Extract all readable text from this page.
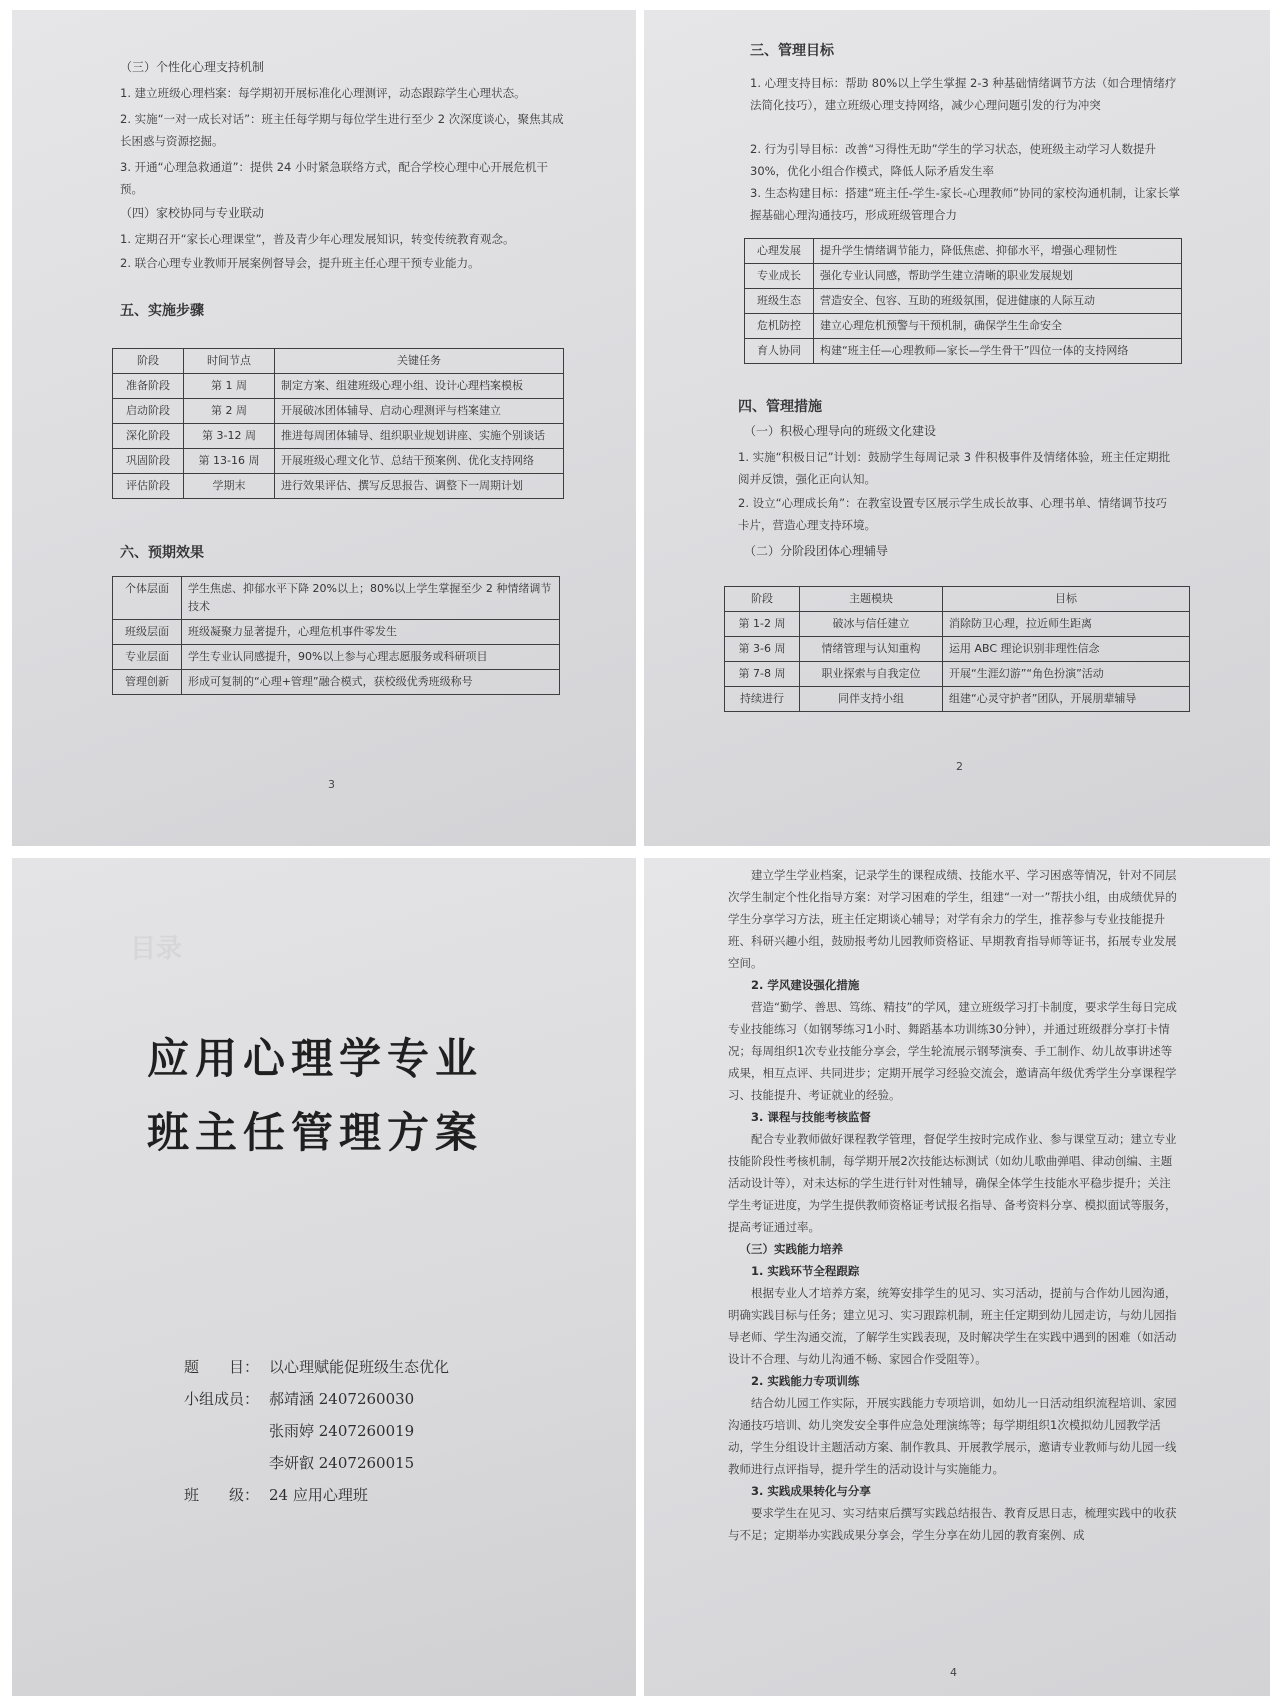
（三）个性化心理支持机制
1. 建立班级心理档案：每学期初开展标准化心理测评，动态跟踪学生心理状态。
2. 实施“一对一成长对话”：班主任每学期与每位学生进行至少 2 次深度谈心，聚焦其成长困惑与资源挖掘。
3. 开通“心理急救通道”：提供 24 小时紧急联络方式，配合学校心理中心开展危机干预。
（四）家校协同与专业联动
1. 定期召开“家长心理课堂”，普及青少年心理发展知识，转变传统教育观念。
2. 联合心理专业教师开展案例督导会，提升班主任心理干预专业能力。
五、实施步骤
阶段	时间节点	关键任务
准备阶段	第 1 周	制定方案、组建班级心理小组、设计心理档案模板
启动阶段	第 2 周	开展破冰团体辅导、启动心理测评与档案建立
深化阶段	第 3-12 周	推进每周团体辅导、组织职业规划讲座、实施个别谈话
巩固阶段	第 13-16 周	开展班级心理文化节、总结干预案例、优化支持网络
评估阶段	学期末	进行效果评估、撰写反思报告、调整下一周期计划
六、预期效果
个体层面	学生焦虑、抑郁水平下降 20%以上；80%以上学生掌握至少 2 种情绪调节技术
班级层面	班级凝聚力显著提升，心理危机事件零发生
专业层面	学生专业认同感提升，90%以上参与心理志愿服务或科研项目
管理创新	形成可复制的“心理+管理”融合模式，获校级优秀班级称号
3
三、管理目标
1. 心理支持目标：帮助 80%以上学生掌握 2-3 种基础情绪调节方法（如合理情绪疗法简化技巧），建立班级心理支持网络，减少心理问题引发的行为冲突
2. 行为引导目标：改善“习得性无助”学生的学习状态，使班级主动学习人数提升 30%，优化小组合作模式，降低人际矛盾发生率
3. 生态构建目标：搭建“班主任-学生-家长-心理教师”协同的家校沟通机制，让家长掌握基础心理沟通技巧，形成班级管理合力
心理发展	提升学生情绪调节能力，降低焦虑、抑郁水平，增强心理韧性
专业成长	强化专业认同感，帮助学生建立清晰的职业发展规划
班级生态	营造安全、包容、互助的班级氛围，促进健康的人际互动
危机防控	建立心理危机预警与干预机制，确保学生生命安全
育人协同	构建“班主任—心理教师—家长—学生骨干”四位一体的支持网络
四、管理措施
（一）积极心理导向的班级文化建设
1. 实施“积极日记”计划：鼓励学生每周记录 3 件积极事件及情绪体验，班主任定期批阅并反馈，强化正向认知。
2. 设立“心理成长角”：在教室设置专区展示学生成长故事、心理书单、情绪调节技巧卡片，营造心理支持环境。
（二）分阶段团体心理辅导
阶段	主题模块	目标
第 1-2 周	破冰与信任建立	消除防卫心理，拉近师生距离
第 3-6 周	情绪管理与认知重构	运用 ABC 理论识别非理性信念
第 7-8 周	职业探索与自我定位	开展“生涯幻游”“角色扮演”活动
持续进行	同伴支持小组	组建“心灵守护者”团队，开展朋辈辅导
2
目录
应用心理学专业
班主任管理方案
题　　目： 以心理赋能促班级生态优化
小组成员： 郝靖涵 2407260030
张雨婷 2407260019
李妍叡 2407260015
班　　级： 24 应用心理班
建立学生学业档案，记录学生的课程成绩、技能水平、学习困惑等情况，针对不同层次学生制定个性化指导方案：对学习困难的学生，组建“一对一”帮扶小组，由成绩优异的学生分享学习方法，班主任定期谈心辅导；对学有余力的学生，推荐参与专业技能提升班、科研兴趣小组，鼓励报考幼儿园教师资格证、早期教育指导师等证书，拓展专业发展空间。
2. 学风建设强化措施
营造“勤学、善思、笃练、精技”的学风，建立班级学习打卡制度，要求学生每日完成专业技能练习（如钢琴练习1小时、舞蹈基本功训练30分钟），并通过班级群分享打卡情况；每周组织1次专业技能分享会，学生轮流展示钢琴演奏、手工制作、幼儿故事讲述等成果，相互点评、共同进步；定期开展学习经验交流会，邀请高年级优秀学生分享课程学习、技能提升、考证就业的经验。
3. 课程与技能考核监督
配合专业教师做好课程教学管理，督促学生按时完成作业、参与课堂互动；建立专业技能阶段性考核机制，每学期开展2次技能达标测试（如幼儿歌曲弹唱、律动创编、主题活动设计等），对未达标的学生进行针对性辅导，确保全体学生技能水平稳步提升；关注学生考证进度，为学生提供教师资格证考试报名指导、备考资料分享、模拟面试等服务，提高考证通过率。
（三）实践能力培养
1. 实践环节全程跟踪
根据专业人才培养方案，统筹安排学生的见习、实习活动，提前与合作幼儿园沟通，明确实践目标与任务；建立见习、实习跟踪机制，班主任定期到幼儿园走访，与幼儿园指导老师、学生沟通交流，了解学生实践表现，及时解决学生在实践中遇到的困难（如活动设计不合理、与幼儿沟通不畅、家园合作受阻等）。
2. 实践能力专项训练
结合幼儿园工作实际，开展实践能力专项培训，如幼儿一日活动组织流程培训、家园沟通技巧培训、幼儿突发安全事件应急处理演练等；每学期组织1次模拟幼儿园教学活动，学生分组设计主题活动方案、制作教具、开展教学展示，邀请专业教师与幼儿园一线教师进行点评指导，提升学生的活动设计与实施能力。
3. 实践成果转化与分享
要求学生在见习、实习结束后撰写实践总结报告、教育反思日志，梳理实践中的收获与不足；定期举办实践成果分享会，学生分享在幼儿园的教育案例、成
4
